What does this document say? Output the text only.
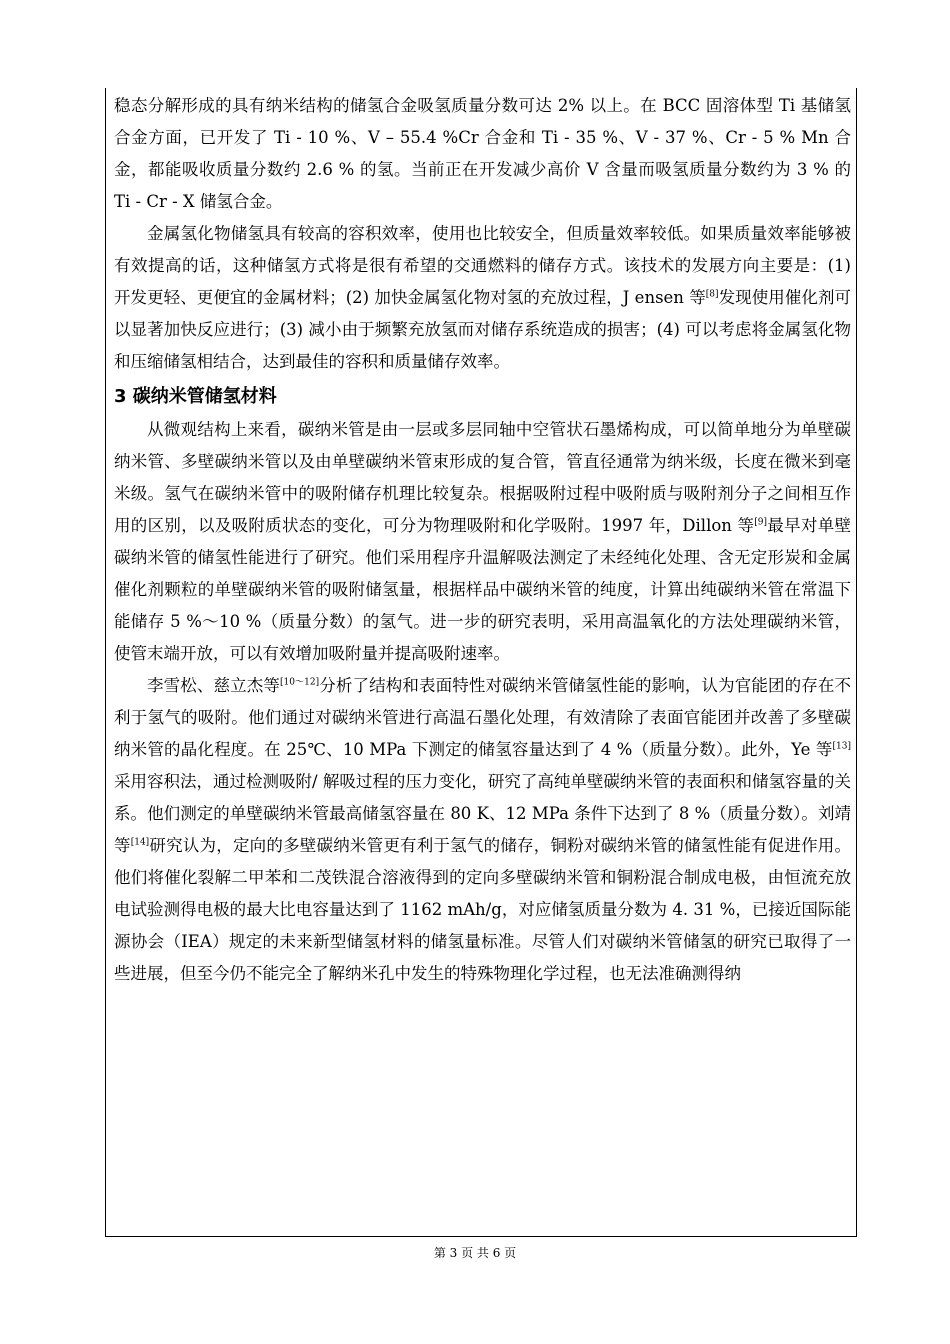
稳态分解形成的具有纳米结构的储氢合金吸氢质量分数可达 2% 以上。在 BCC 固溶体型 Ti 基储氢合金方面，已开发了 Ti - 10 %、V – 55.4 %Cr 合金和 Ti - 35 %、V - 37 %、Cr - 5 % Mn 合金，都能吸收质量分数约 2.6 % 的氢。当前正在开发减少高价 V 含量而吸氢质量分数约为 3 % 的 Ti - Cr - X 储氢合金。

金属氢化物储氢具有较高的容积效率，使用也比较安全，但质量效率较低。如果质量效率能够被有效提高的话，这种储氢方式将是很有希望的交通燃料的储存方式。该技术的发展方向主要是：(1) 开发更轻、更便宜的金属材料；(2) 加快金属氢化物对氢的充放过程，J ensen 等[8]发现使用催化剂可以显著加快反应进行；(3) 减小由于频繁充放氢而对储存系统造成的损害；(4) 可以考虑将金属氢化物和压缩储氢相结合，达到最佳的容积和质量储存效率。

3 碳纳米管储氢材料

从微观结构上来看，碳纳米管是由一层或多层同轴中空管状石墨烯构成，可以简单地分为单壁碳纳米管、多壁碳纳米管以及由单壁碳纳米管束形成的复合管，管直径通常为纳米级，长度在微米到毫米级。氢气在碳纳米管中的吸附储存机理比较复杂。根据吸附过程中吸附质与吸附剂分子之间相互作用的区别，以及吸附质状态的变化，可分为物理吸附和化学吸附。1997 年，Dillon 等[9]最早对单壁碳纳米管的储氢性能进行了研究。他们采用程序升温解吸法测定了未经纯化处理、含无定形炭和金属催化剂颗粒的单壁碳纳米管的吸附储氢量，根据样品中碳纳米管的纯度，计算出纯碳纳米管在常温下能储存 5 %～10 %（质量分数）的氢气。进一步的研究表明，采用高温氧化的方法处理碳纳米管，使管末端开放，可以有效增加吸附量并提高吸附速率。

李雪松、慈立杰等[10～12]分析了结构和表面特性对碳纳米管储氢性能的影响，认为官能团的存在不利于氢气的吸附。他们通过对碳纳米管进行高温石墨化处理，有效清除了表面官能团并改善了多壁碳纳米管的晶化程度。在 25℃、10 MPa 下测定的储氢容量达到了 4 %（质量分数）。此外，Ye 等[13]采用容积法，通过检测吸附/ 解吸过程的压力变化，研究了高纯单壁碳纳米管的表面积和储氢容量的关系。他们测定的单壁碳纳米管最高储氢容量在 80 K、12 MPa 条件下达到了 8 %（质量分数）。刘靖等[14]研究认为，定向的多壁碳纳米管更有利于氢气的储存，铜粉对碳纳米管的储氢性能有促进作用。他们将催化裂解二甲苯和二茂铁混合溶液得到的定向多壁碳纳米管和铜粉混合制成电极，由恒流充放电试验测得电极的最大比电容量达到了 1162 mAh/g，对应储氢质量分数为 4. 31 %，已接近国际能源协会（IEA）规定的未来新型储氢材料的储氢量标准。尽管人们对碳纳米管储氢的研究已取得了一些进展，但至今仍不能完全了解纳米孔中发生的特殊物理化学过程，也无法准确测得纳

第 3 页 共 6 页
